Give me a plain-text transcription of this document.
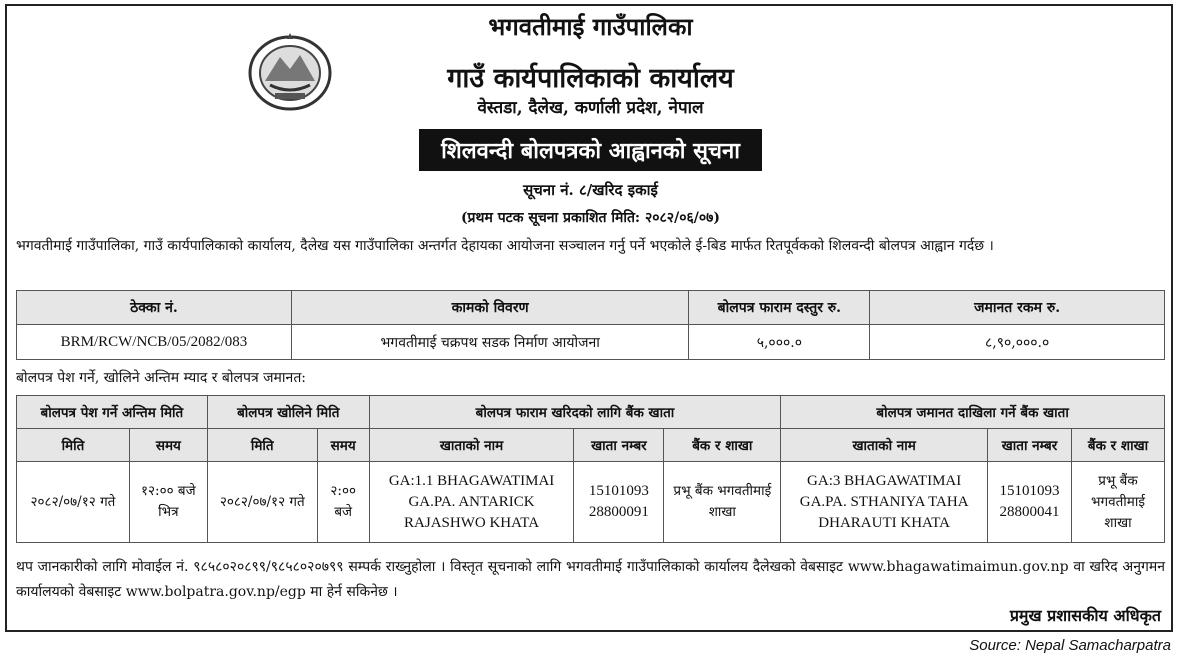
भगवतीमाई गाउँपालिका
गाउँ कार्यपालिकाको कार्यालय
वेस्तडा, दैलेख, कर्णाली प्रदेश, नेपाल
शिलवन्दी बोलपत्रको आह्वानको सूचना
सूचना नं. ८/खरिद इकाई
(प्रथम पटक सूचना प्रकाशित मिति: २०८२/०६/०७)
भगवतीमाई गाउँपालिका, गाउँ कार्यपालिकाको कार्यालय, दैलेख यस गाउँपालिका अन्तर्गत देहायका आयोजना सञ्चालन गर्नु पर्ने भएकोले ई-बिड मार्फत रितपूर्वकको शिलवन्दी बोलपत्र आह्वान गर्दछ ।
ठेक्का नं.	कामको विवरण	बोलपत्र फाराम दस्तुर रु.	जमानत रकम रु.
BRM/RCW/NCB/05/2082/083	भगवतीमाई चक्रपथ सडक निर्माण आयोजना	५,०००.०	८,९०,०००.०
बोलपत्र पेश गर्ने, खोलिने अन्तिम म्याद र बोलपत्र जमानत:
बोलपत्र पेश गर्ने अन्तिम मिति		बोलपत्र खोलिने मिति		बोलपत्र फाराम खरिदको लागि बैंक खाता			बोलपत्र जमानत दाखिला गर्ने बैंक खाता		
मिति	समय	मिति	समय	खाताको नाम	खाता नम्बर	बैंक र शाखा	खाताको नाम	खाता नम्बर	बैंक र शाखा
२०८२/०७/१२ गते	१२:०० बजे भित्र	२०८२/०७/१२ गते	२:०० बजे	GA:1.1 BHAGAWATIMAI GA.PA. ANTARICK RAJASHWO KHATA	15101093 28800091	प्रभू बैंक भगवतीमाई शाखा	GA:3 BHAGAWATIMAI GA.PA. STHANIYA TAHA DHARAUTI KHATA	15101093 28800041	प्रभू बैंक भगवतीमाई शाखा
थप जानकारीको लागि मोवाईल नं. ९८५८०२०८९९/९८५८०२०७९९ सम्पर्क राख्नुहोला । विस्तृत सूचनाको लागि भगवतीमाई गाउँपालिकाको कार्यालय दैलेखको वेबसाइट www.bhagawatimaimun.gov.np वा खरिद अनुगमन कार्यालयको वेबसाइट www.bolpatra.gov.np/egp मा हेर्न सकिनेछ ।
प्रमुख प्रशासकीय अधिकृत
Source: Nepal Samacharpatra
